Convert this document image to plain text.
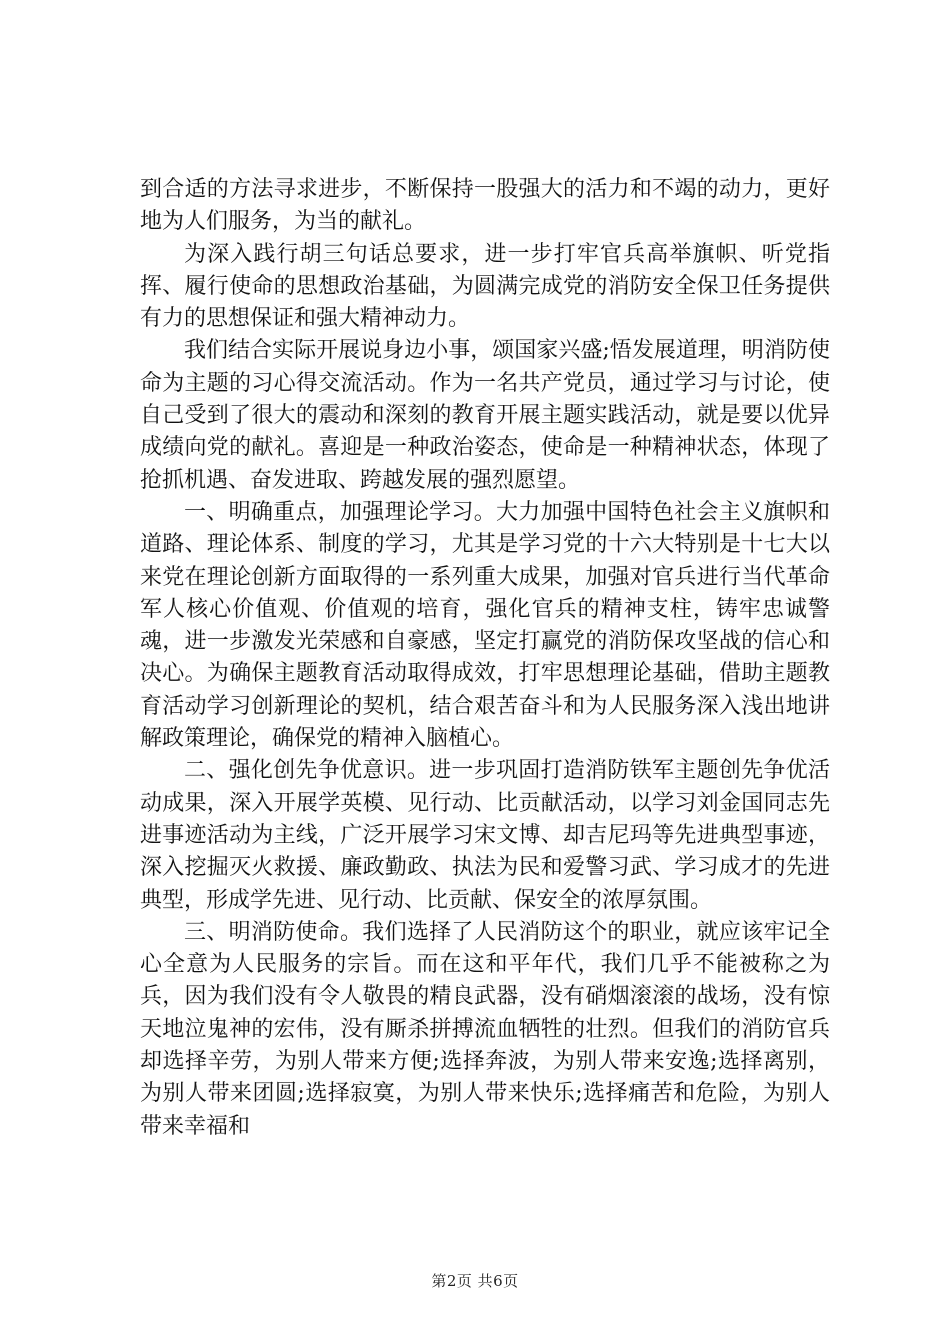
到合适的方法寻求进步，不断保持一股强大的活力和不竭的动力，更好地为人们服务，为当的献礼。

为深入践行胡三句话总要求，进一步打牢官兵高举旗帜、听党指挥、履行使命的思想政治基础，为圆满完成党的消防安全保卫任务提供有力的思想保证和强大精神动力。

我们结合实际开展说身边小事，颂国家兴盛;悟发展道理，明消防使命为主题的习心得交流活动。作为一名共产党员，通过学习与讨论，使自己受到了很大的震动和深刻的教育开展主题实践活动，就是要以优异成绩向党的献礼。喜迎是一种政治姿态，使命是一种精神状态，体现了抢抓机遇、奋发进取、跨越发展的强烈愿望。

一、明确重点，加强理论学习。大力加强中国特色社会主义旗帜和道路、理论体系、制度的学习，尤其是学习党的十六大特别是十七大以来党在理论创新方面取得的一系列重大成果，加强对官兵进行当代革命军人核心价值观、价值观的培育，强化官兵的精神支柱，铸牢忠诚警魂，进一步激发光荣感和自豪感，坚定打赢党的消防保攻坚战的信心和决心。为确保主题教育活动取得成效，打牢思想理论基础，借助主题教育活动学习创新理论的契机，结合艰苦奋斗和为人民服务深入浅出地讲解政策理论，确保党的精神入脑植心。

二、强化创先争优意识。进一步巩固打造消防铁军主题创先争优活动成果，深入开展学英模、见行动、比贡献活动，以学习刘金国同志先进事迹活动为主线，广泛开展学习宋文博、却吉尼玛等先进典型事迹，深入挖掘灭火救援、廉政勤政、执法为民和爱警习武、学习成才的先进典型，形成学先进、见行动、比贡献、保安全的浓厚氛围。

三、明消防使命。我们选择了人民消防这个的职业，就应该牢记全心全意为人民服务的宗旨。而在这和平年代，我们几乎不能被称之为兵，因为我们没有令人敬畏的精良武器，没有硝烟滚滚的战场，没有惊天地泣鬼神的宏伟，没有厮杀拼搏流血牺牲的壮烈。但我们的消防官兵却选择辛劳，为别人带来方便;选择奔波，为别人带来安逸;选择离别，为别人带来团圆;选择寂寞，为别人带来快乐;选择痛苦和危险，为别人带来幸福和

第2页 共6页
